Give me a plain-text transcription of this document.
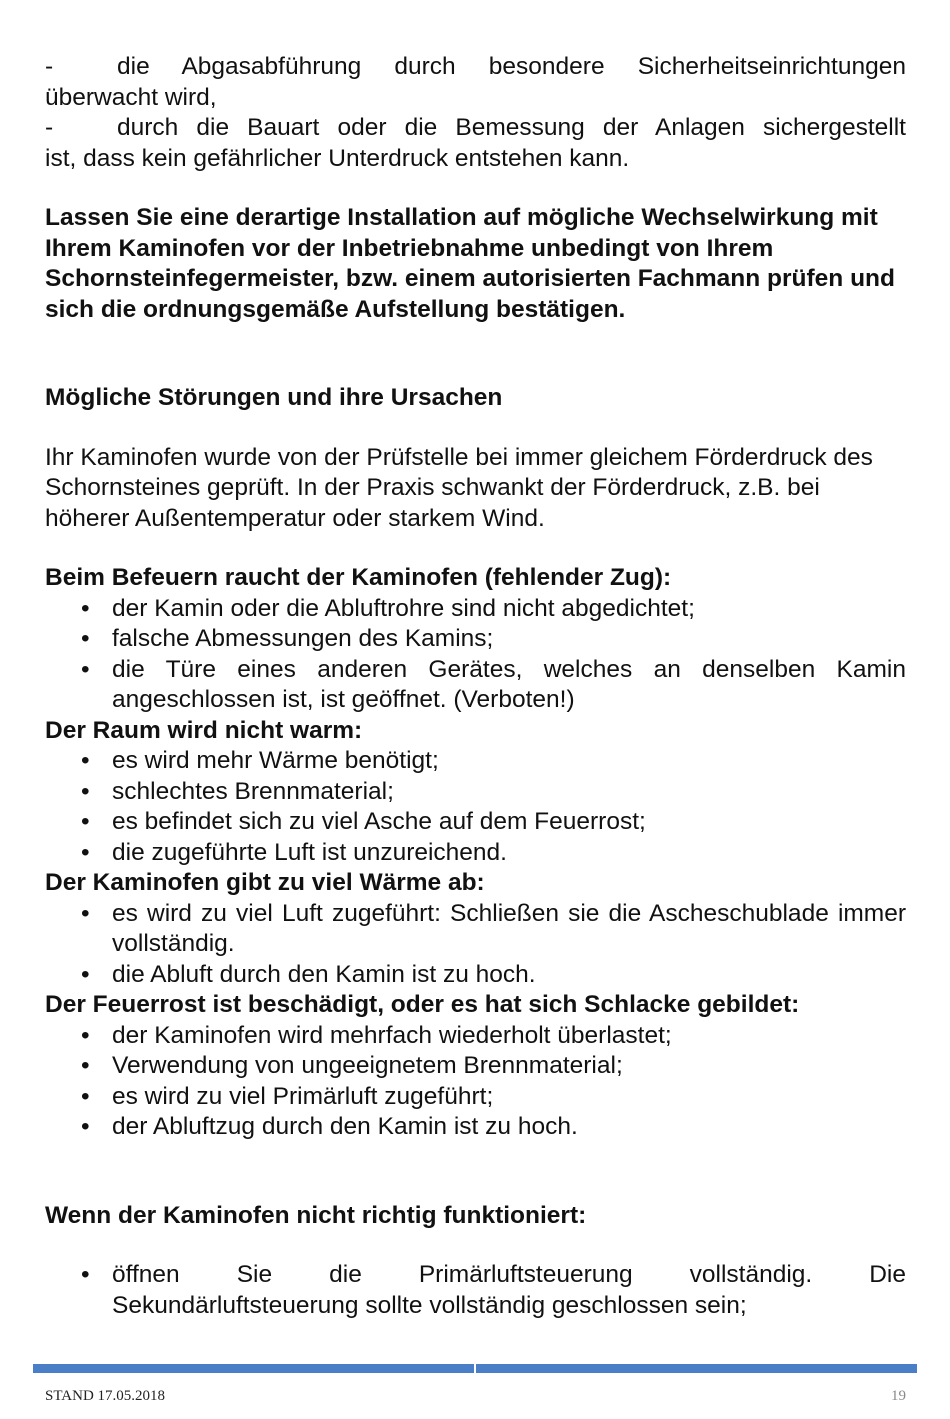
-	die Abgasabführung durch besondere Sicherheitseinrichtungen

überwacht wird,

-	durch die Bauart oder die Bemessung der Anlagen sichergestellt

ist, dass kein gefährlicher Unterdruck entstehen kann.

Lassen Sie eine derartige Installation auf mögliche Wechselwirkung mit Ihrem Kaminofen vor der Inbetriebnahme unbedingt von Ihrem Schornsteinfegermeister, bzw. einem autorisierten Fachmann prüfen und sich die ordnungsgemäße Aufstellung bestätigen.

Mögliche Störungen und ihre Ursachen

Ihr Kaminofen wurde von der Prüfstelle bei immer gleichem Förderdruck des Schornsteines geprüft. In der Praxis schwankt der Förderdruck, z.B. bei höherer Außentemperatur oder starkem Wind.

Beim Befeuern raucht der Kaminofen (fehlender Zug):

• der Kamin oder die Abluftrohre sind nicht abgedichtet;
• falsche Abmessungen des Kamins;
• die Türe eines anderen Gerätes, welches an denselben Kamin angeschlossen ist, ist geöffnet. (Verboten!)

Der Raum wird nicht warm:

• es wird mehr Wärme benötigt;
• schlechtes Brennmaterial;
• es befindet sich zu viel Asche auf dem Feuerrost;
• die zugeführte Luft ist unzureichend.

Der Kaminofen gibt zu viel Wärme ab:

• es wird zu viel Luft zugeführt: Schließen sie die Ascheschublade immer vollständig.
• die Abluft durch den Kamin ist zu hoch.

Der Feuerrost ist beschädigt, oder es hat sich Schlacke gebildet:

• der Kaminofen wird mehrfach wiederholt überlastet;
• Verwendung von ungeeignetem Brennmaterial;
• es wird zu viel Primärluft zugeführt;
• der Abluftzug durch den Kamin ist zu hoch.

Wenn der Kaminofen nicht richtig funktioniert:

• öffnen Sie die Primärluftsteuerung vollständig. Die Sekundärluftsteuerung sollte vollständig geschlossen sein;
STAND 17.05.2018	19
